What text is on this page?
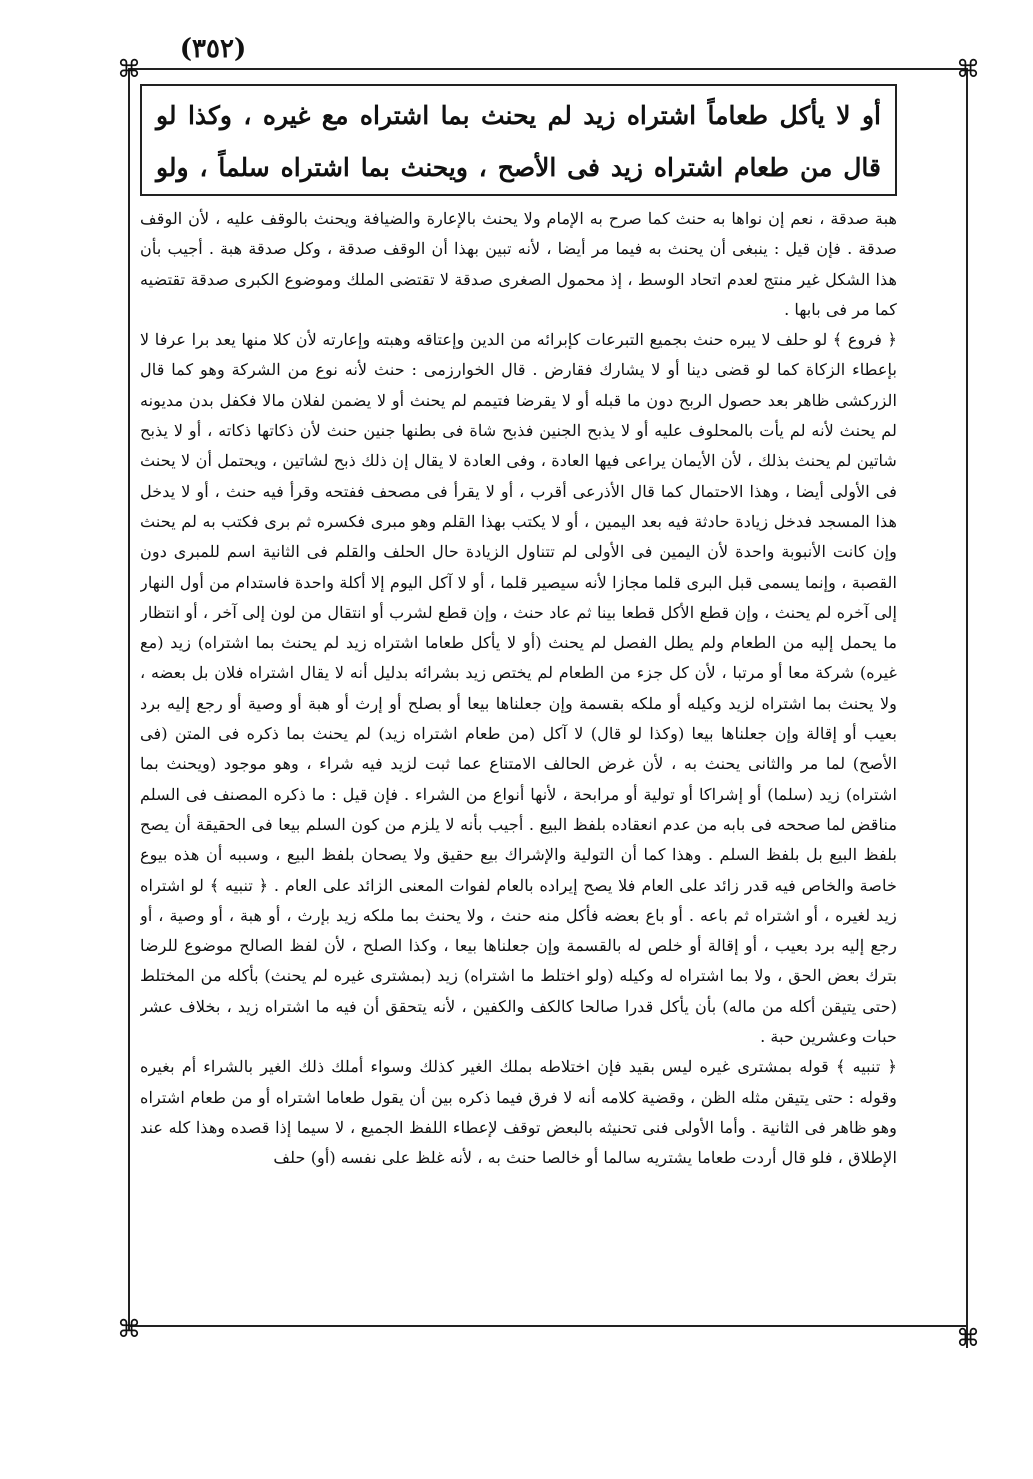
(٣٥٢)
⌘	⌘
⌘	⌘
أو لا يأكل طعاماً اشتراه زيد لم يحنث بما اشتراه مع غيره ، وكذا لو قال من طعام اشتراه زيد فى الأصح ، ويحنث بما اشتراه سلماً ، ولو

هبة صدقة ، نعم إن نواها به حنث كما صرح به الإمام ولا يحنث بالإعارة والضيافة ويحنث بالوقف عليه ، لأن الوقف صدقة . فإن قيل : ينبغى أن يحنث به فيما مر أيضا ، لأنه تبين بهذا أن الوقف صدقة ، وكل صدقة هبة . أجيب بأن هذا الشكل غير منتج لعدم اتحاد الوسط ، إذ محمول الصغرى صدقة لا تقتضى الملك وموضوع الكبرى صدقة تقتضيه كما مر فى بابها .

﴿ فروع ﴾ لو حلف لا يبره حنث بجميع التبرعات كإبرائه من الدين وإعتاقه وهبته وإعارته لأن كلا منها يعد برا عرفا لا بإعطاء الزكاة كما لو قضى دينا أو لا يشارك فقارض . قال الخوارزمى : حنث لأنه نوع من الشركة وهو كما قال الزركشى ظاهر بعد حصول الربح دون ما قبله أو لا يقرضا فتيمم لم يحنث أو لا يضمن لفلان مالا فكفل بدن مديونه لم يحنث لأنه لم يأت بالمحلوف عليه أو لا يذبح الجنين فذبح شاة فى بطنها جنين حنث لأن ذكاتها ذكاته ، أو لا يذبح شاتين لم يحنث بذلك ، لأن الأيمان يراعى فيها العادة ، وفى العادة لا يقال إن ذلك ذبح لشاتين ، ويحتمل أن لا يحنث فى الأولى أيضا ، وهذا الاحتمال كما قال الأذرعى أقرب ، أو لا يقرأ فى مصحف ففتحه وقرأ فيه حنث ، أو لا يدخل هذا المسجد فدخل زيادة حادثة فيه بعد اليمين ، أو لا يكتب بهذا القلم وهو مبرى فكسره ثم برى فكتب به لم يحنث وإن كانت الأنبوبة واحدة لأن اليمين فى الأولى لم تتناول الزيادة حال الحلف والقلم فى الثانية اسم للمبرى دون القصبة ، وإنما يسمى قبل البرى قلما مجازا لأنه سيصير قلما ، أو لا آكل اليوم إلا أكلة واحدة فاستدام من أول النهار إلى آخره لم يحنث ، وإن قطع الأكل قطعا بينا ثم عاد حنث ، وإن قطع لشرب أو انتقال من لون إلى آخر ، أو انتظار ما يحمل إليه من الطعام ولم يطل الفصل لم يحنث (أو لا يأكل طعاما اشتراه زيد لم يحنث بما اشتراه) زيد (مع غيره) شركة معا أو مرتبا ، لأن كل جزء من الطعام لم يختص زيد بشرائه بدليل أنه لا يقال اشتراه فلان بل بعضه ، ولا يحنث بما اشتراه لزيد وكيله أو ملكه بقسمة وإن جعلناها بيعا أو بصلح أو إرث أو هبة أو وصية أو رجع إليه برد بعيب أو إقالة وإن جعلناها بيعا (وكذا لو قال) لا آكل (من طعام اشتراه زيد) لم يحنث بما ذكره فى المتن (فى الأصح) لما مر والثانى يحنث به ، لأن غرض الحالف الامتناع عما ثبت لزيد فيه شراء ، وهو موجود (ويحنث بما اشتراه) زيد (سلما) أو إشراكا أو تولية أو مرابحة ، لأنها أنواع من الشراء . فإن قيل : ما ذكره المصنف فى السلم مناقض لما صححه فى بابه من عدم انعقاده بلفظ البيع . أجيب بأنه لا يلزم من كون السلم بيعا فى الحقيقة أن يصح بلفظ البيع بل بلفظ السلم . وهذا كما أن التولية والإشراك بيع حقيق ولا يصحان بلفظ البيع ، وسببه أن هذه بيوع خاصة والخاص فيه قدر زائد على العام فلا يصح إيراده بالعام لفوات المعنى الزائد على العام . ﴿ تنبيه ﴾ لو اشتراه زيد لغيره ، أو اشتراه ثم باعه . أو باع بعضه فأكل منه حنث ، ولا يحنث بما ملكه زيد بإرث ، أو هبة ، أو وصية ، أو رجع إليه برد بعيب ، أو إقالة أو خلص له بالقسمة وإن جعلناها بيعا ، وكذا الصلح ، لأن لفظ الصالح موضوع للرضا بترك بعض الحق ، ولا بما اشتراه له وكيله (ولو اختلط ما اشتراه) زيد (بمشترى غيره لم يحنث) بأكله من المختلط (حتى يتيقن أكله من ماله) بأن يأكل قدرا صالحا كالكف والكفين ، لأنه يتحقق أن فيه ما اشتراه زيد ، بخلاف عشر حبات وعشرين حبة .

﴿ تنبيه ﴾ قوله بمشترى غيره ليس بقيد فإن اختلاطه بملك الغير كذلك وسواء أملك ذلك الغير بالشراء أم بغيره وقوله : حتى يتيقن مثله الظن ، وقضية كلامه أنه لا فرق فيما ذكره بين أن يقول طعاما اشتراه أو من طعام اشتراه وهو ظاهر فى الثانية . وأما الأولى فنى تحنيثه بالبعض توقف لإعطاء اللفظ الجميع ، لا سيما إذا قصده وهذا كله عند الإطلاق ، فلو قال أردت طعاما يشتريه سالما أو خالصا حنث به ، لأنه غلظ على نفسه (أو) حلف
